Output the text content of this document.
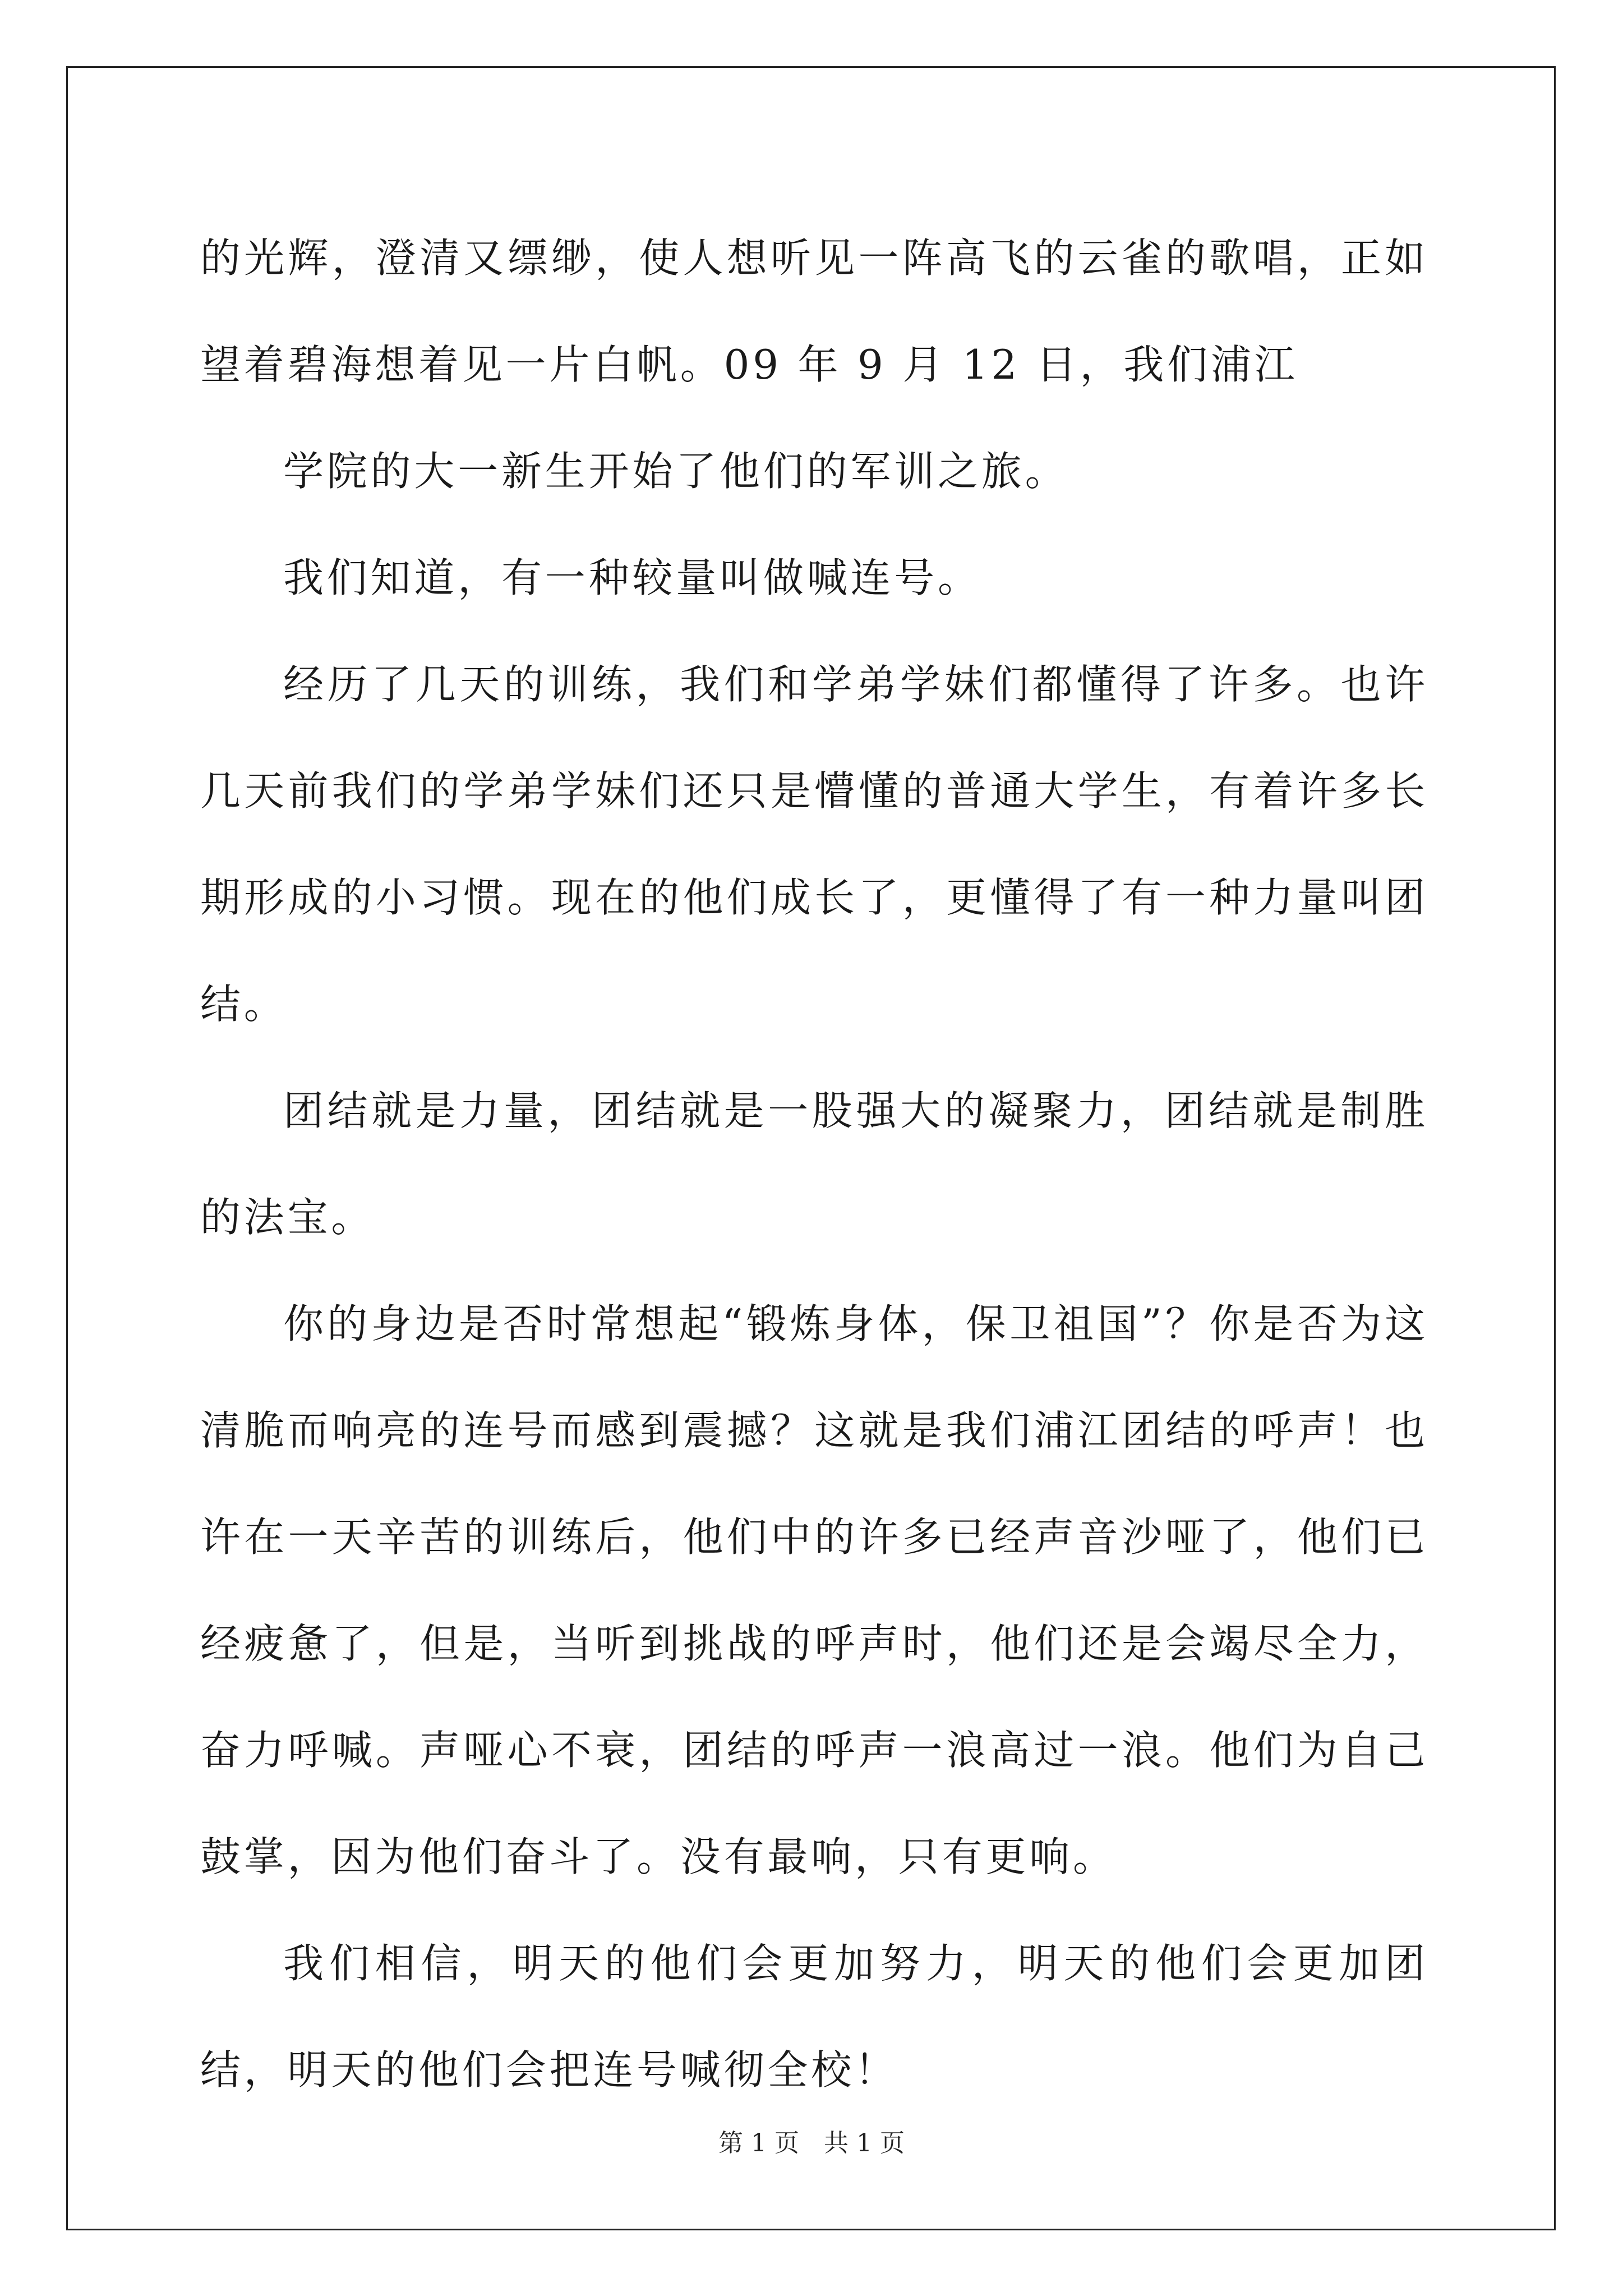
的光辉，澄清又缥缈，使人想听见一阵高飞的云雀的歌唱，正如望着碧海想着见一片白帆。09 年 9 月 12 日，我们浦江

学院的大一新生开始了他们的军训之旅。

我们知道，有一种较量叫做喊连号。

经历了几天的训练，我们和学弟学妹们都懂得了许多。也许几天前我们的学弟学妹们还只是懵懂的普通大学生，有着许多长期形成的小习惯。现在的他们成长了，更懂得了有一种力量叫团结。

团结就是力量，团结就是一股强大的凝聚力，团结就是制胜的法宝。

你的身边是否时常想起“锻炼身体，保卫祖国”？你是否为这清脆而响亮的连号而感到震撼？这就是我们浦江团结的呼声！也许在一天辛苦的训练后，他们中的许多已经声音沙哑了，他们已经疲惫了，但是，当听到挑战的呼声时，他们还是会竭尽全力，奋力呼喊。声哑心不衰，团结的呼声一浪高过一浪。他们为自己鼓掌，因为他们奋斗了。没有最响，只有更响。

我们相信，明天的他们会更加努力，明天的他们会更加团结，明天的他们会把连号喊彻全校！

第 1 页　共 1 页
